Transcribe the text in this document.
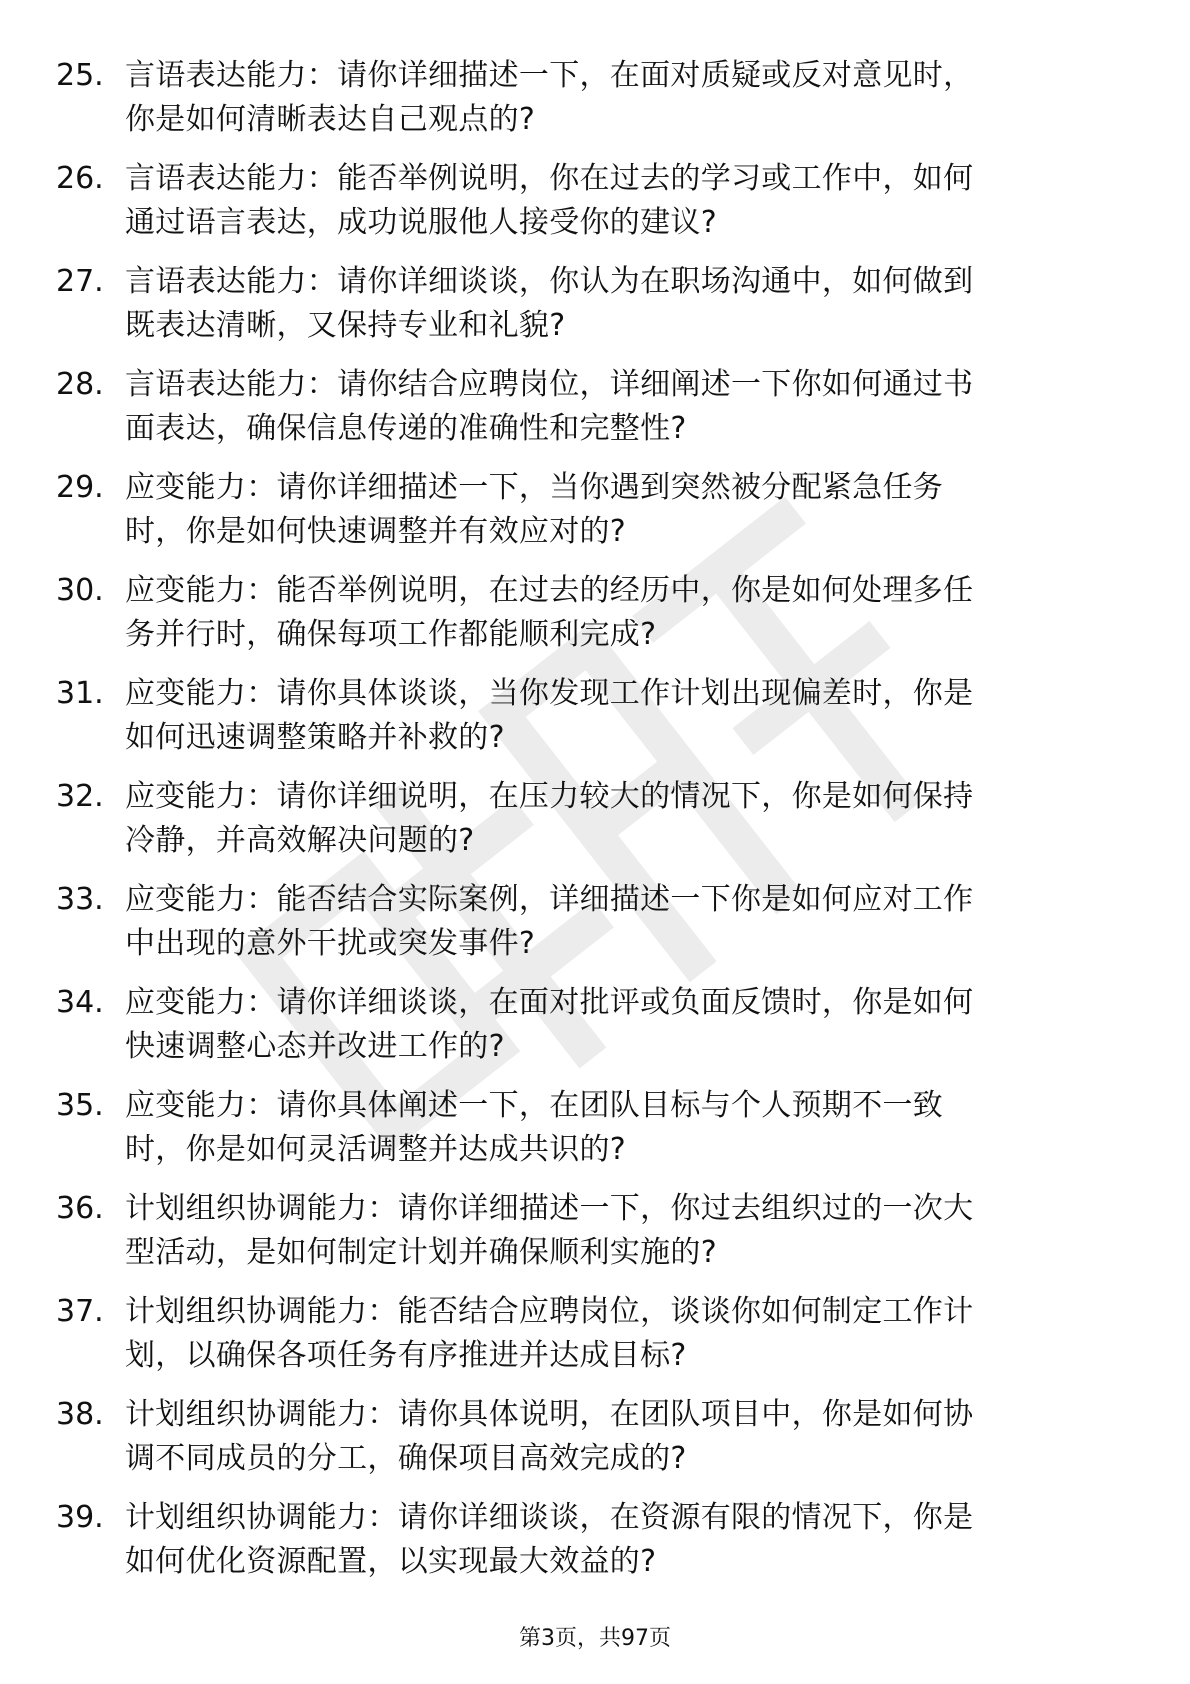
25. 言语表达能力：请你详细描述一下，在面对质疑或反对意见时，
你是如何清晰表达自己观点的?
26. 言语表达能力：能否举例说明，你在过去的学习或工作中，如何
通过语言表达，成功说服他人接受你的建议?
27. 言语表达能力：请你详细谈谈，你认为在职场沟通中，如何做到
既表达清晰，又保持专业和礼貌?
28. 言语表达能力：请你结合应聘岗位，详细阐述一下你如何通过书
面表达，确保信息传递的准确性和完整性?
29. 应变能力：请你详细描述一下，当你遇到突然被分配紧急任务
时，你是如何快速调整并有效应对的?
30. 应变能力：能否举例说明，在过去的经历中，你是如何处理多任
务并行时，确保每项工作都能顺利完成?
31. 应变能力：请你具体谈谈，当你发现工作计划出现偏差时，你是
如何迅速调整策略并补救的?
32. 应变能力：请你详细说明，在压力较大的情况下，你是如何保持
冷静，并高效解决问题的?
33. 应变能力：能否结合实际案例，详细描述一下你是如何应对工作
中出现的意外干扰或突发事件?
34. 应变能力：请你详细谈谈，在面对批评或负面反馈时，你是如何
快速调整心态并改进工作的?
35. 应变能力：请你具体阐述一下，在团队目标与个人预期不一致
时，你是如何灵活调整并达成共识的?
36. 计划组织协调能力：请你详细描述一下，你过去组织过的一次大
型活动，是如何制定计划并确保顺利实施的?
37. 计划组织协调能力：能否结合应聘岗位，谈谈你如何制定工作计
划，以确保各项任务有序推进并达成目标?
38. 计划组织协调能力：请你具体说明，在团队项目中，你是如何协
调不同成员的分工，确保项目高效完成的?
39. 计划组织协调能力：请你详细谈谈，在资源有限的情况下，你是
如何优化资源配置，以实现最大效益的?
第3页，共97页
